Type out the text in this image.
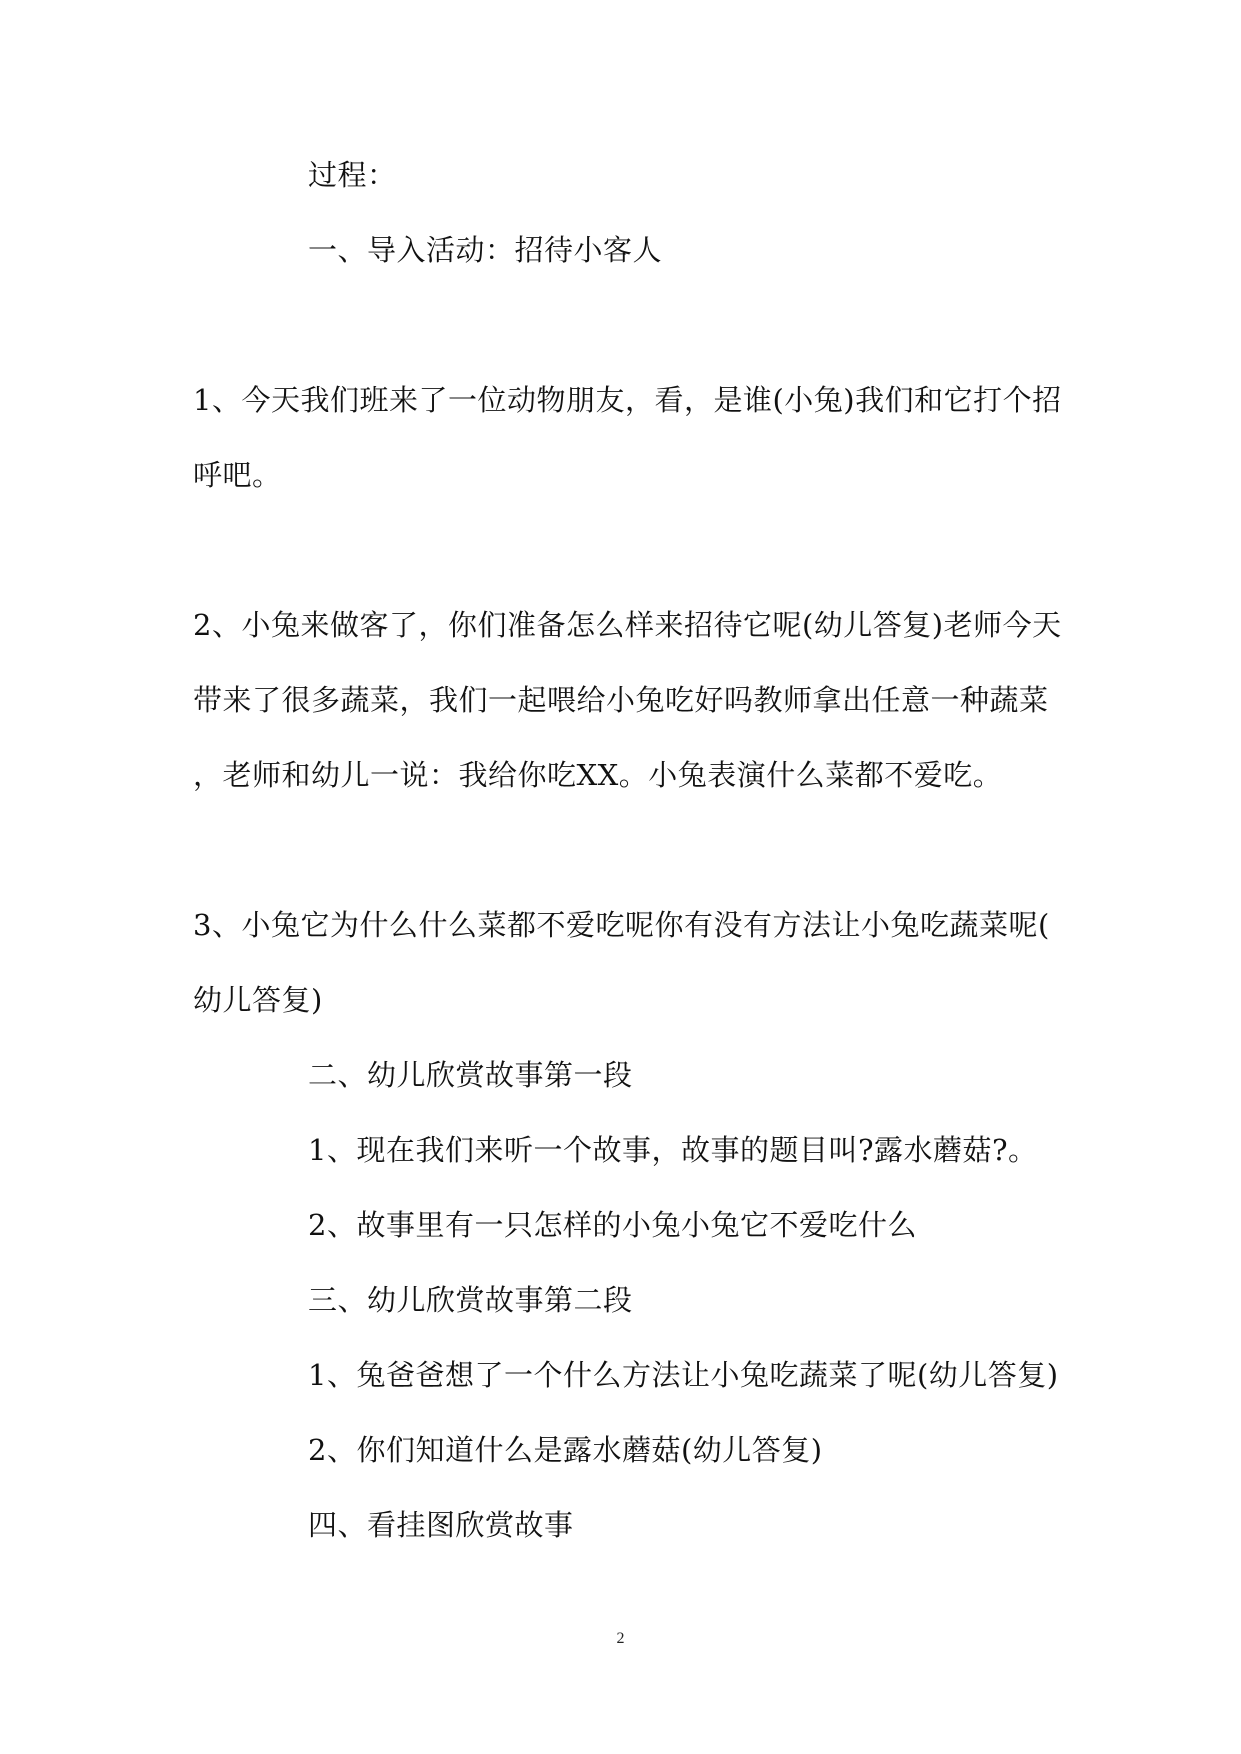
过程：
一、导入活动：招待小客人
1、今天我们班来了一位动物朋友，看，是谁(小兔)我们和它打个招
呼吧。
2、小兔来做客了，你们准备怎么样来招待它呢(幼儿答复)老师今天
带来了很多蔬菜，我们一起喂给小兔吃好吗教师拿出任意一种蔬菜
，老师和幼儿一说：我给你吃XX。小兔表演什么菜都不爱吃。
3、小兔它为什么什么菜都不爱吃呢你有没有方法让小兔吃蔬菜呢(
幼儿答复)
二、幼儿欣赏故事第一段
1、现在我们来听一个故事，故事的题目叫?露水蘑菇?。
2、故事里有一只怎样的小兔小兔它不爱吃什么
三、幼儿欣赏故事第二段
1、兔爸爸想了一个什么方法让小兔吃蔬菜了呢(幼儿答复)
2、你们知道什么是露水蘑菇(幼儿答复)
四、看挂图欣赏故事
2
